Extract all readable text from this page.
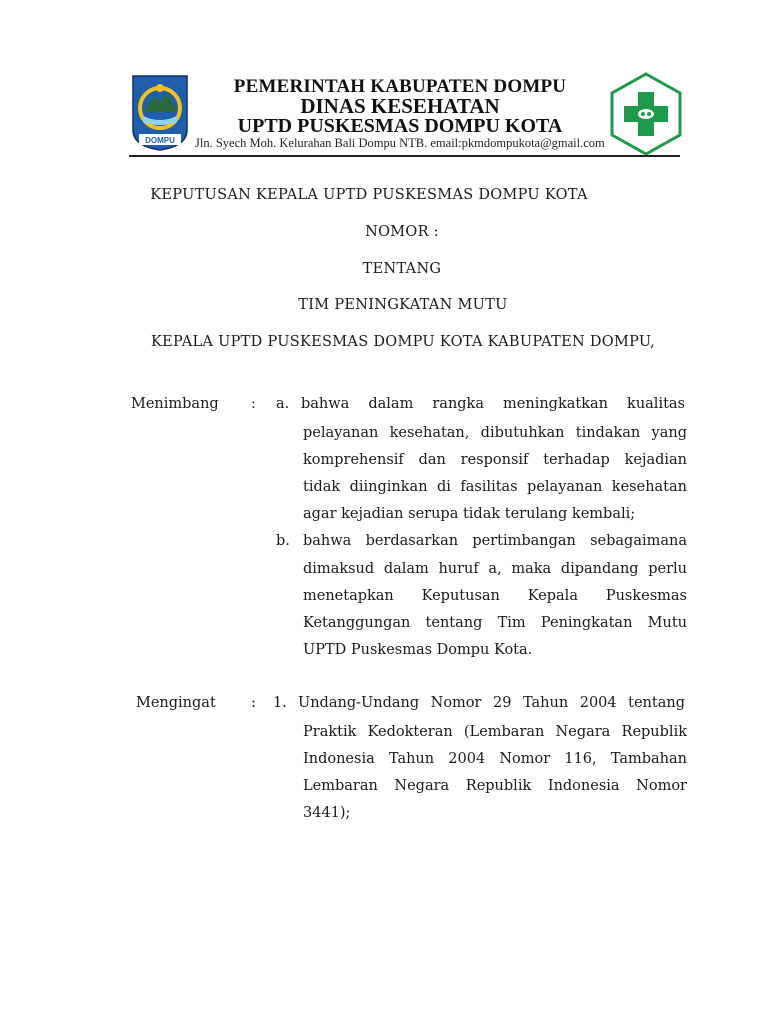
DOMPU
PEMERINTAH KABUPATEN DOMPU
DINAS KESEHATAN
UPTD PUSKESMAS DOMPU KOTA
Jln. Syech Moh. Kelurahan Bali Dompu NTB. email:pkmdompukota@gmail.com
KEPUTUSAN KEPALA UPTD PUSKESMAS DOMPU KOTA
NOMOR :
TENTANG
TIM PENINGKATAN MUTU
KEPALA UPTD PUSKESMAS DOMPU KOTA KABUPATEN DOMPU,
Menimbang : a. bahwa dalam rangka meningkatkan kualitas
pelayanan kesehatan, dibutuhkan tindakan yang komprehensif dan responsif terhadap kejadian tidak diinginkan di fasilitas pelayanan kesehatan agar kejadian serupa tidak terulang kembali;
b. bahwa berdasarkan pertimbangan sebagaimana
dimaksud dalam huruf a, maka dipandang perlu menetapkan Keputusan Kepala Puskesmas Ketanggungan tentang Tim Peningkatan Mutu UPTD Puskesmas Dompu Kota.
Mengingat : 1. Undang-Undang Nomor 29 Tahun 2004 tentang
Praktik Kedokteran (Lembaran Negara Republik Indonesia Tahun 2004 Nomor 116, Tambahan Lembaran Negara Republik Indonesia Nomor 3441);
